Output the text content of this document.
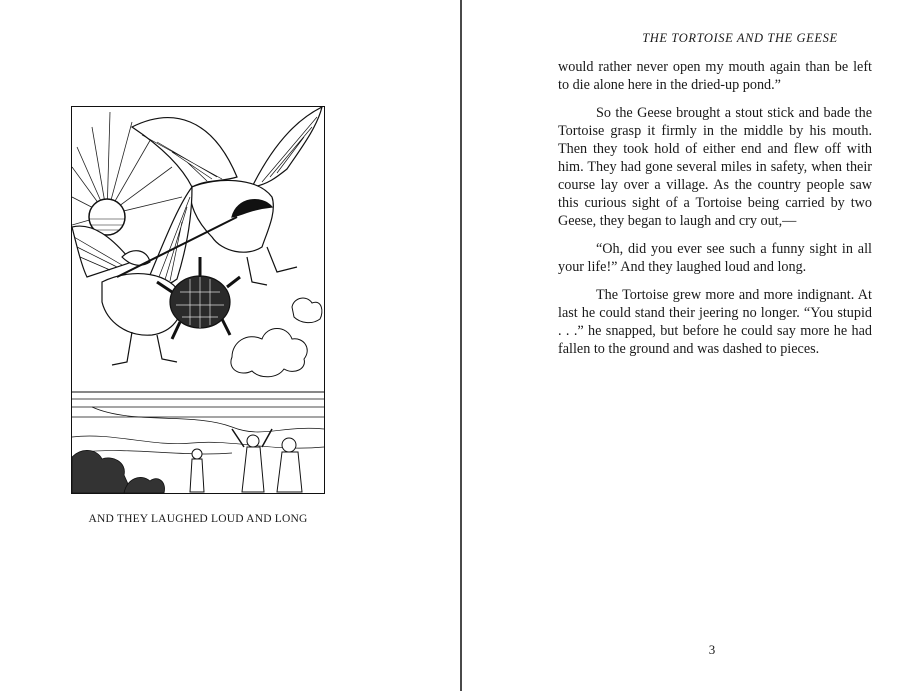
AND THEY LAUGHED LOUD AND LONG
THE TORTOISE AND THE GEESE

would rather never open my mouth again than be left to die alone here in the dried-up pond.”

So the Geese brought a stout stick and bade the Tortoise grasp it firmly in the middle by his mouth. Then they took hold of either end and flew off with him. They had gone several miles in safety, when their course lay over a village. As the country people saw this curious sight of a Tortoise being carried by two Geese, they began to laugh and cry out,—

“Oh, did you ever see such a funny sight in all your life!” And they laughed loud and long.

The Tortoise grew more and more indignant. At last he could stand their jeering no longer. “You stupid . . .” he snapped, but before he could say more he had fallen to the ground and was dashed to pieces.

3
